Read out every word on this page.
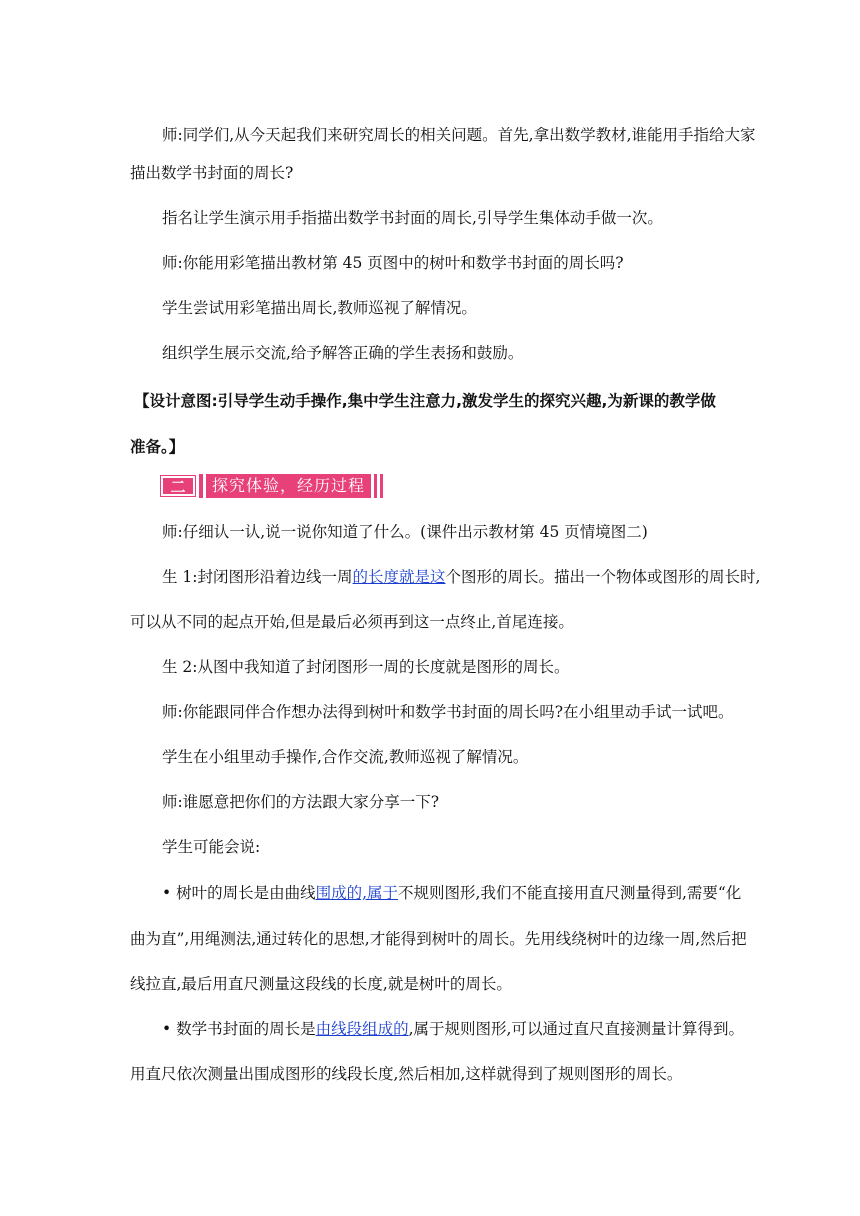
师:同学们,从今天起我们来研究周长的相关问题。首先,拿出数学教材,谁能用手指给大家
描出数学书封面的周长?
指名让学生演示用手指描出数学书封面的周长,引导学生集体动手做一次。
师:你能用彩笔描出教材第 45 页图中的树叶和数学书封面的周长吗?
学生尝试用彩笔描出周长,教师巡视了解情况。
组织学生展示交流,给予解答正确的学生表扬和鼓励。
【设计意图:引导学生动手操作,集中学生注意力,激发学生的探究兴趣,为新课的教学做
准备。】
二	探究体验，经历过程
师:仔细认一认,说一说你知道了什么。(课件出示教材第 45 页情境图二)
生 1:封闭图形沿着边线一周的长度就是这个图形的周长。描出一个物体或图形的周长时,
可以从不同的起点开始,但是最后必须再到这一点终止,首尾连接。
生 2:从图中我知道了封闭图形一周的长度就是图形的周长。
师:你能跟同伴合作想办法得到树叶和数学书封面的周长吗?在小组里动手试一试吧。
学生在小组里动手操作,合作交流,教师巡视了解情况。
师:谁愿意把你们的方法跟大家分享一下?
学生可能会说:
• 树叶的周长是由曲线围成的,属于不规则图形,我们不能直接用直尺测量得到,需要“化
曲为直”,用绳测法,通过转化的思想,才能得到树叶的周长。先用线绕树叶的边缘一周,然后把
线拉直,最后用直尺测量这段线的长度,就是树叶的周长。
• 数学书封面的周长是由线段组成的,属于规则图形,可以通过直尺直接测量计算得到。
用直尺依次测量出围成图形的线段长度,然后相加,这样就得到了规则图形的周长。
